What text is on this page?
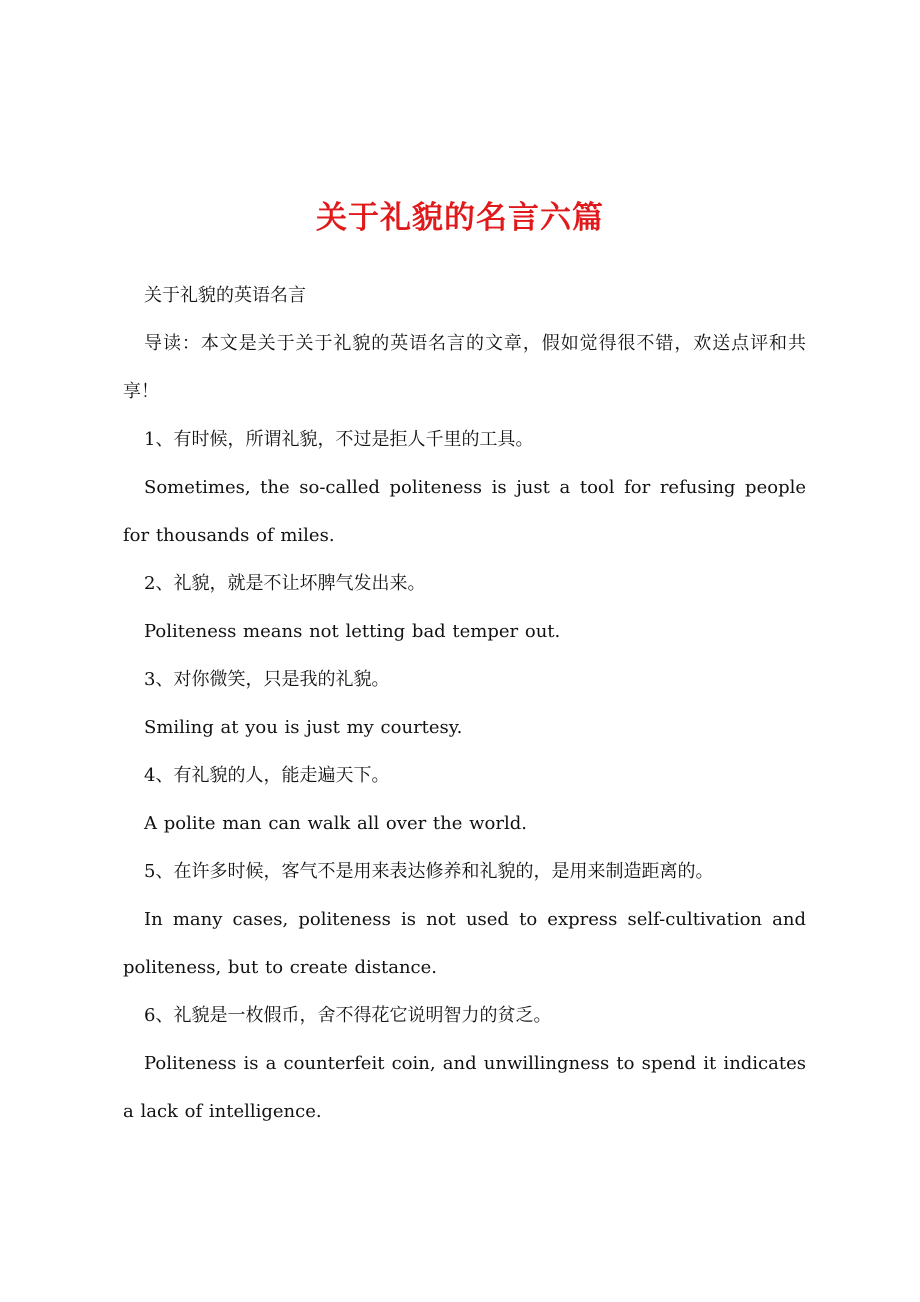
关于礼貌的名言六篇

关于礼貌的英语名言

导读：本文是关于关于礼貌的英语名言的文章，假如觉得很不错，欢送点评和共享！

1、有时候，所谓礼貌，不过是拒人千里的工具。

Sometimes, the so-called politeness is just a tool for refusing people for thousands of miles.

2、礼貌，就是不让坏脾气发出来。

Politeness means not letting bad temper out.

3、对你微笑，只是我的礼貌。

Smiling at you is just my courtesy.

4、有礼貌的人，能走遍天下。

A polite man can walk all over the world.

5、在许多时候，客气不是用来表达修养和礼貌的，是用来制造距离的。

In many cases, politeness is not used to express self-cultivation and politeness, but to create distance.

6、礼貌是一枚假币，舍不得花它说明智力的贫乏。

Politeness is a counterfeit coin, and unwillingness to spend it indicates a lack of intelligence.
